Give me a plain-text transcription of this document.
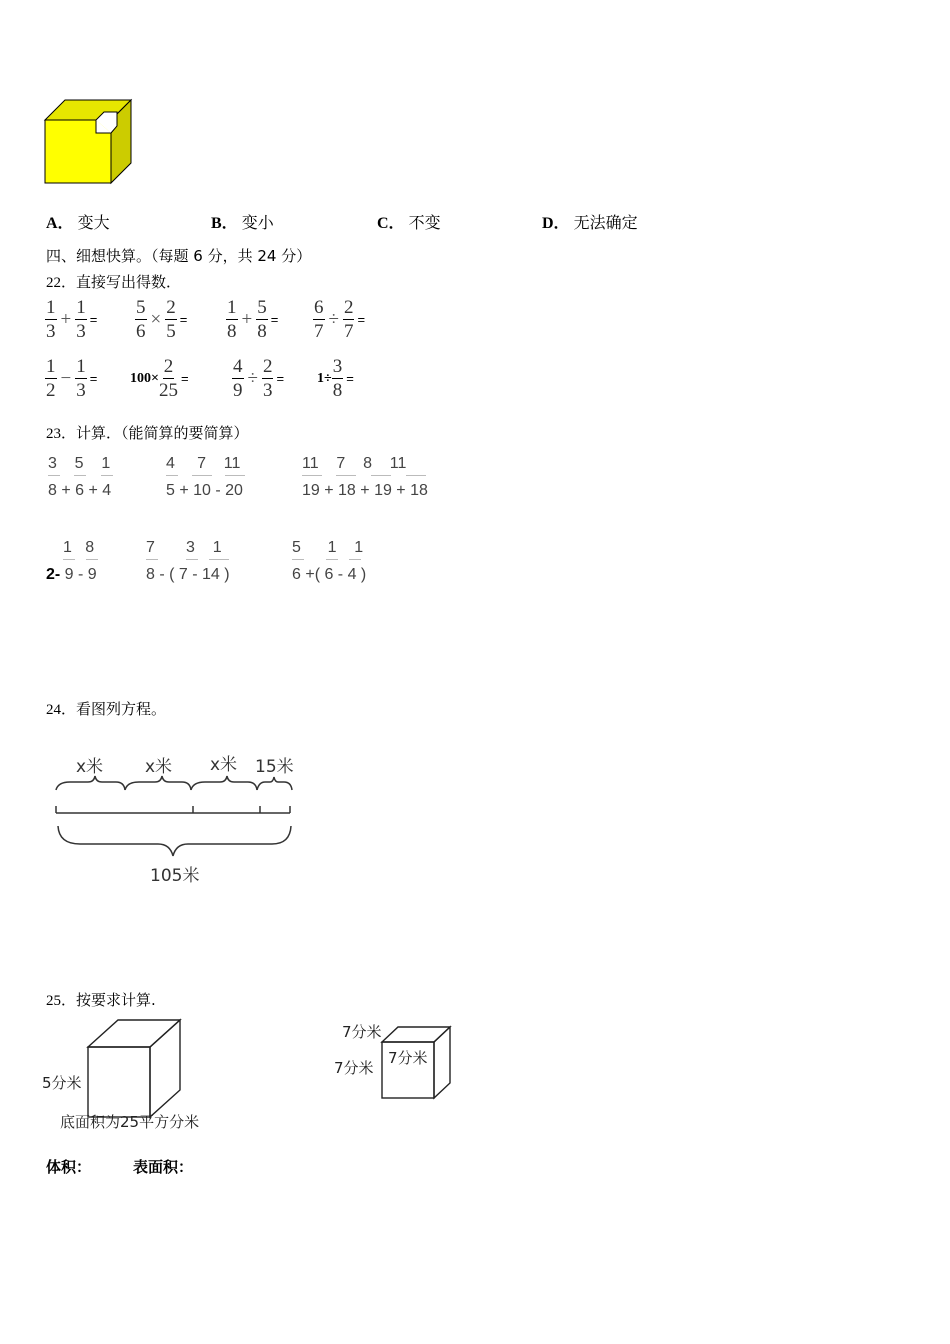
A． 变大	B． 变小	C． 不变	D． 无法确定
四、细想快算。（每题 6 分，共 24 分）
22．直接写出得数．
1
3
+ $\frac{1}{3} = \frac{5}{6} \times \frac{2}{5}$ =
1
8
+ $\frac{5}{8} = \frac{6}{7} \div \frac{2}{7}$ =
1
2
− $\frac{1}{3} = 100\times \frac{2}{25} = \frac{4}{9} \div \frac{2}{3} = 1\div \frac{3}{8}$ =
23．计算．（能简算的要简算）
3    5    1
8 + 6 + 4
4     7    11
5 + 10 - 20
11    7    8    11
19 + 18 + 19 + 18
1   8
2- 9 - 9
7       3    1
8 - ( 7 - 14 )
5      1    1
6 +( 6 - 4 )
24．看图列方程。
x米 x米 x米 15米
105米
25．按要求计算.
5分米
底面积为25平方分米
7分米
7分米
7分米
体积：	表面积：
